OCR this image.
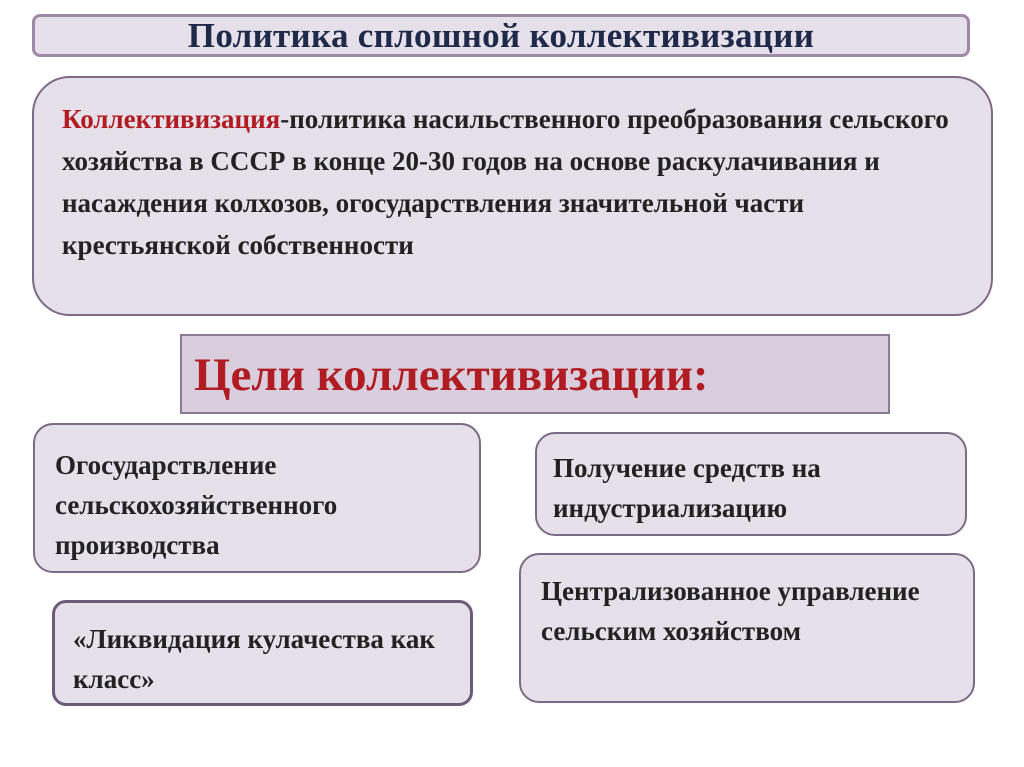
Политика сплошной коллективизации
Коллективизация-политика насильственного преобразования сельского хозяйства в СССР в конце 20-30 годов на основе раскулачивания и насаждения колхозов, огосударствления значительной части крестьянской собственности
Цели коллективизации:
Огосударствление сельскохозяйственного производства
Получение средств на индустриализацию
Централизованное управление сельским хозяйством
«Ликвидация кулачества как класс»
